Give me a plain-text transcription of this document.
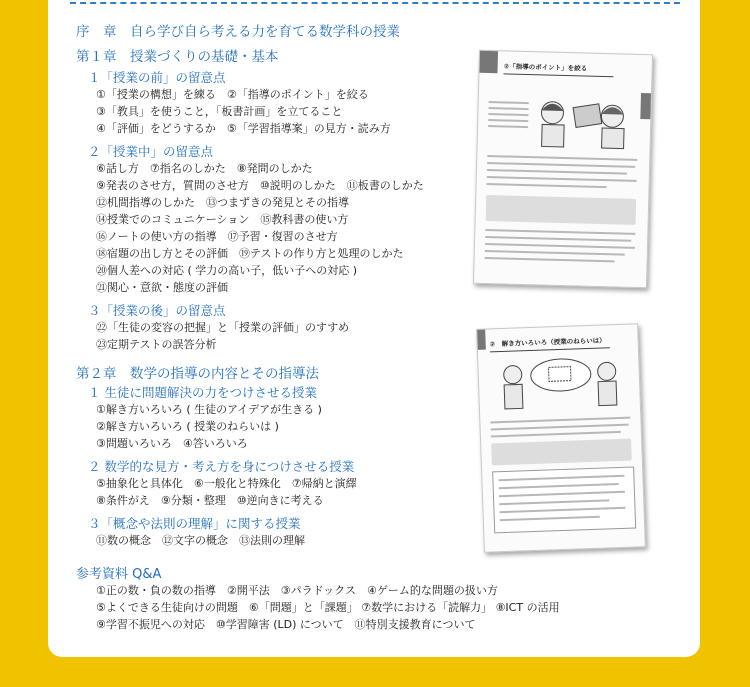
序　章　自ら学び自ら考える力を育てる数学科の授業
第１章　授業づくりの基礎・基本
１「授業の前」の留意点
①「授業の構想」を練る　②「指導のポイント」を絞る
③「教具」を使うこと，「板書計画」を立てること
④「評価」をどうするか　⑤「学習指導案」の見方・読み方
２「授業中」の留意点
⑥話し方　⑦指名のしかた　⑧発問のしかた
⑨発表のさせ方，質問のさせ方　⑩説明のしかた　⑪板書のしかた
⑫机間指導のしかた　⑬つまずきの発見とその指導
⑭授業でのコミュニケーション　⑮教科書の使い方
⑯ノートの使い方の指導　⑰予習・復習のさせ方
⑱宿題の出し方とその評価　⑲テストの作り方と処理のしかた
⑳個人差への対応 ( 学力の高い子，低い子への対応 )
㉑関心・意欲・態度の評価
３「授業の後」の留意点
㉒「生徒の変容の把握」と「授業の評価」のすすめ
㉓定期テストの誤答分析
第２章　数学の指導の内容とその指導法
１ 生徒に問題解決の力をつけさせる授業
①解き方いろいろ ( 生徒のアイデアが生きる )
②解き方いろいろ ( 授業のねらいは )
③問題いろいろ　④答いろいろ
２ 数学的な見方・考え方を身につけさせる授業
⑤抽象化と具体化　⑥一般化と特殊化　⑦帰納と演繹
⑧条件がえ　⑨分類・整理　⑩逆向きに考える
３「概念や法則の理解」に関する授業
⑪数の概念　⑫文字の概念　⑬法則の理解
参考資料 Q&A
①正の数・負の数の指導　②開平法　③パラドックス　④ゲーム的な問題の扱い方
⑤よくできる生徒向けの問題　⑥「問題」と「課題」 ⑦数学における「読解力」 ⑧ICT の活用
⑨学習不振児への対応　⑩学習障害 (LD) について　⑪特別支援教育について
②「指導のポイント」を絞る
②　解き方いろいろ（授業のねらいは）
